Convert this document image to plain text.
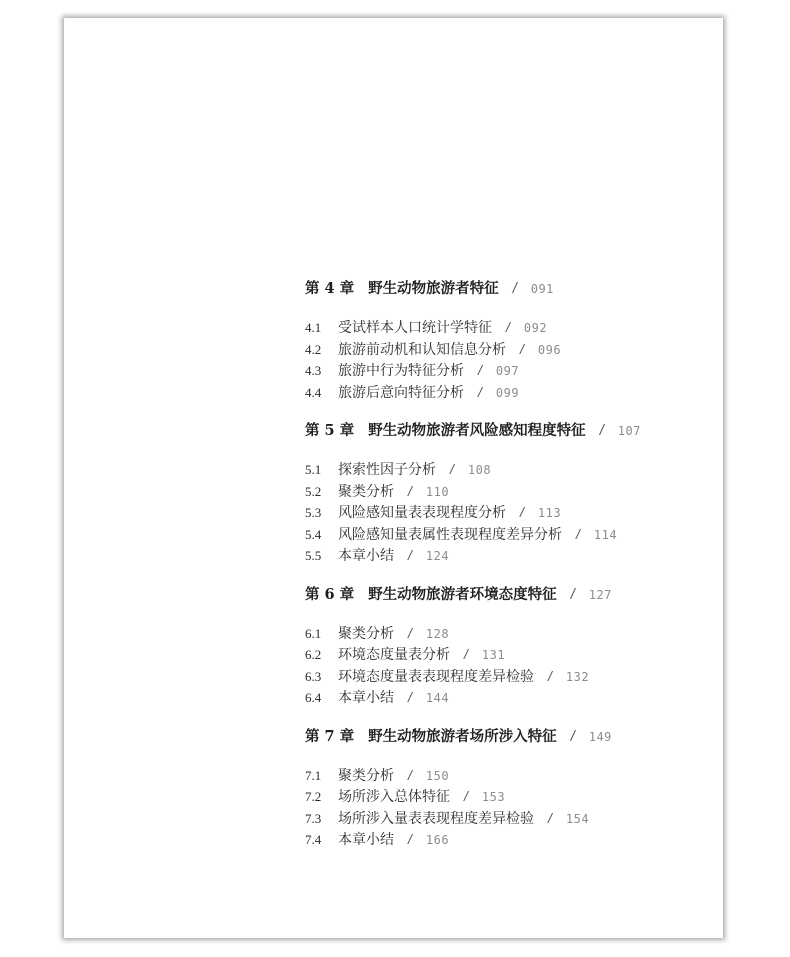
第 4 章 野生动物旅游者特征 / 091
4.1 受试样本人口统计学特征 / 092
4.2 旅游前动机和认知信息分析 / 096
4.3 旅游中行为特征分析 / 097
4.4 旅游后意向特征分析 / 099
第 5 章 野生动物旅游者风险感知程度特征 / 107
5.1 探索性因子分析 / 108
5.2 聚类分析 / 110
5.3 风险感知量表表现程度分析 / 113
5.4 风险感知量表属性表现程度差异分析 / 114
5.5 本章小结 / 124
第 6 章 野生动物旅游者环境态度特征 / 127
6.1 聚类分析 / 128
6.2 环境态度量表分析 / 131
6.3 环境态度量表表现程度差异检验 / 132
6.4 本章小结 / 144
第 7 章 野生动物旅游者场所涉入特征 / 149
7.1 聚类分析 / 150
7.2 场所涉入总体特征 / 153
7.3 场所涉入量表表现程度差异检验 / 154
7.4 本章小结 / 166
